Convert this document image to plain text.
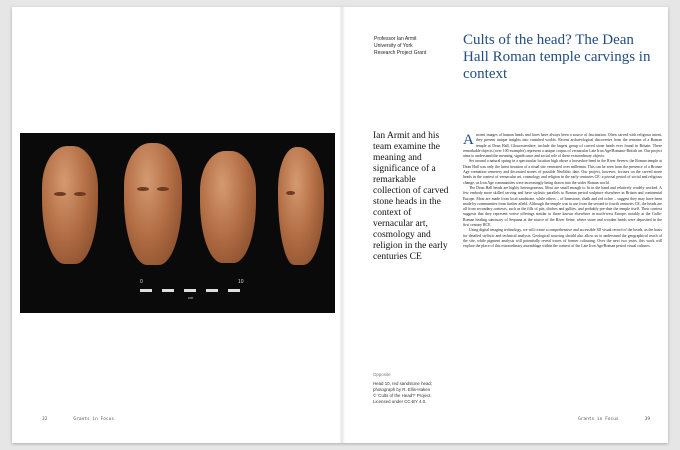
0	10
cm
Professor Ian Armit
University of York
Research Project Grant
Cults of the head? The Dean Hall Roman temple carvings in context
Ian Armit and his team examine the meaning and significance of a remarkable collection of carved stone heads in the context of vernacular art, cosmology and religion in the early centuries CE

Ancient images of human heads and faces have always been a source of fascination. Often carved with religious intent, they present unique insights into vanished worlds. Recent archaeological discoveries from the remains of a Roman temple at Dean Hall, Gloucestershire, include the largest group of carved stone heads ever found in Britain. These remarkable objects (over 100 examples) represent a unique corpus of vernacular Late Iron Age/Romano-British art. Our project aims to understand the meaning, significance and social role of these extraordinary objects.

Set around a natural spring in a spectacular location high above a horseshoe bend in the River Severn, the Roman temple at Dean Hall was only the latest iteration of a ritual site venerated over millennia. This can be seen from the presence of a Bronze Age cremation cemetery and decorated stones of possible Neolithic date. Our project, however, focuses on the carved stone heads in the context of vernacular art, cosmology and religion in the early centuries CE: a pivotal period of social and religious change, as Iron Age communities were increasingly being drawn into the wider Roman world.

The Dean Hall heads are highly heterogeneous. Most are small enough to fit in the hand and relatively crudely worked. A few embody more skilled carving and have stylistic parallels to Roman period sculpture elsewhere in Britain and continental Europe. Most are made from local sandstone, while others – of limestone, chalk and red ochre – suggest they may have been made by communities from further afield. Although the temple was in use from the second to fourth centuries CE, the heads are all from secondary contexts, such as the fills of pits, ditches and gullies, and probably pre-date the temple itself. Their context suggests that they represent votive offerings similar to those known elsewhere in north-west Europe, notably at the Gallo-Roman healing sanctuary of Sequana at the source of the River Seine, where stone and wooden heads were deposited in the first century BCE.

Using digital imaging technology, we will create a comprehensive and accessible 3D visual record of the heads, as the basis for detailed stylistic and technical analysis. Geological sourcing should also allow us to understand the geographical reach of the site, while pigment analysis will potentially reveal traces of former colouring. Over the next two years, this work will explore the place of this extraordinary assemblage within the context of the Late Iron Age/Roman period visual cultures.

Opposite
Head 10, red sandstone head;
photograph by R. Ellis-Haken
© 'Cults of the Head?' Project.
Licensed under CC-BY 4.0.
32	Grants in Focus	Grants in Focus	39
